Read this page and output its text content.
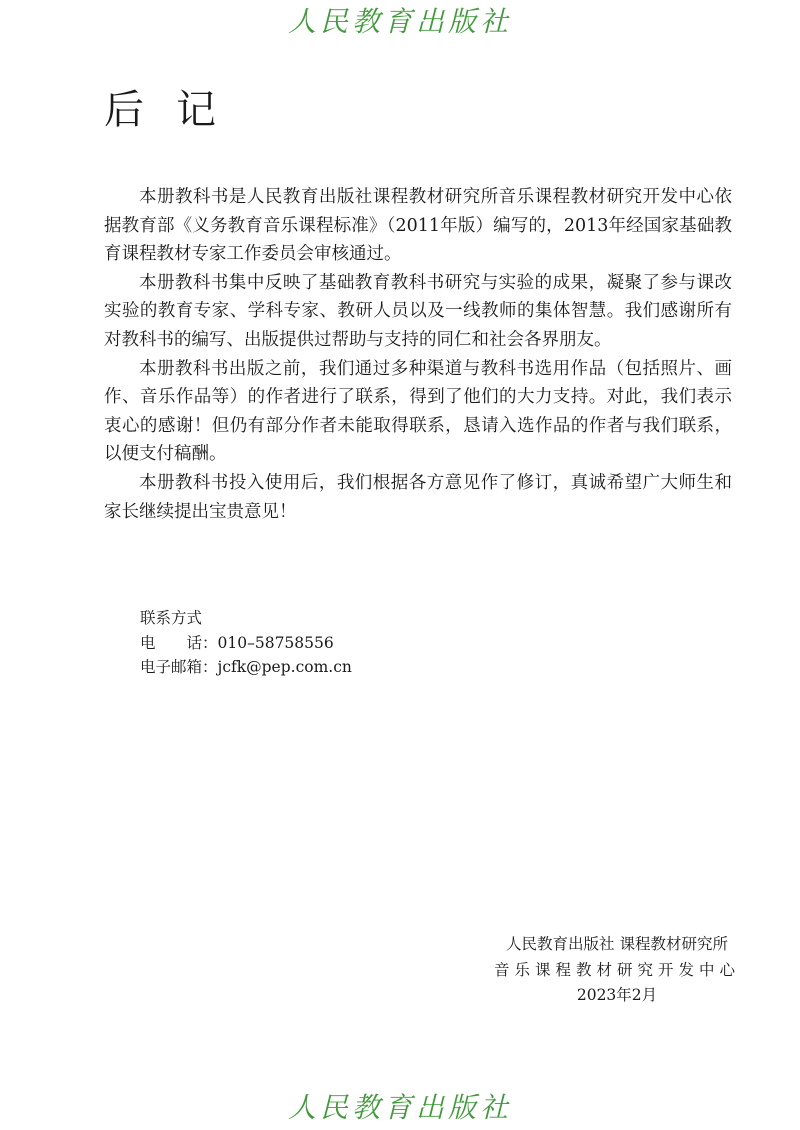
人民教育出版社
后记

本册教科书是人民教育出版社课程教材研究所音乐课程教材研究开发中心依据教育部《义务教育音乐课程标准》（2011年版）编写的，2013年经国家基础教育课程教材专家工作委员会审核通过。

本册教科书集中反映了基础教育教科书研究与实验的成果，凝聚了参与课改实验的教育专家、学科专家、教研人员以及一线教师的集体智慧。我们感谢所有对教科书的编写、出版提供过帮助与支持的同仁和社会各界朋友。

本册教科书出版之前，我们通过多种渠道与教科书选用作品（包括照片、画作、音乐作品等）的作者进行了联系，得到了他们的大力支持。对此，我们表示衷心的感谢！但仍有部分作者未能取得联系，恳请入选作品的作者与我们联系，以便支付稿酬。

本册教科书投入使用后，我们根据各方意见作了修订，真诚希望广大师生和家长继续提出宝贵意见！

联系方式
电　　话：010–58758556
电子邮箱：jcfk@pep.com.cn
人民教育出版社 课程教材研究所
音乐课程教材研究开发中心
2023年2月
人民教育出版社
